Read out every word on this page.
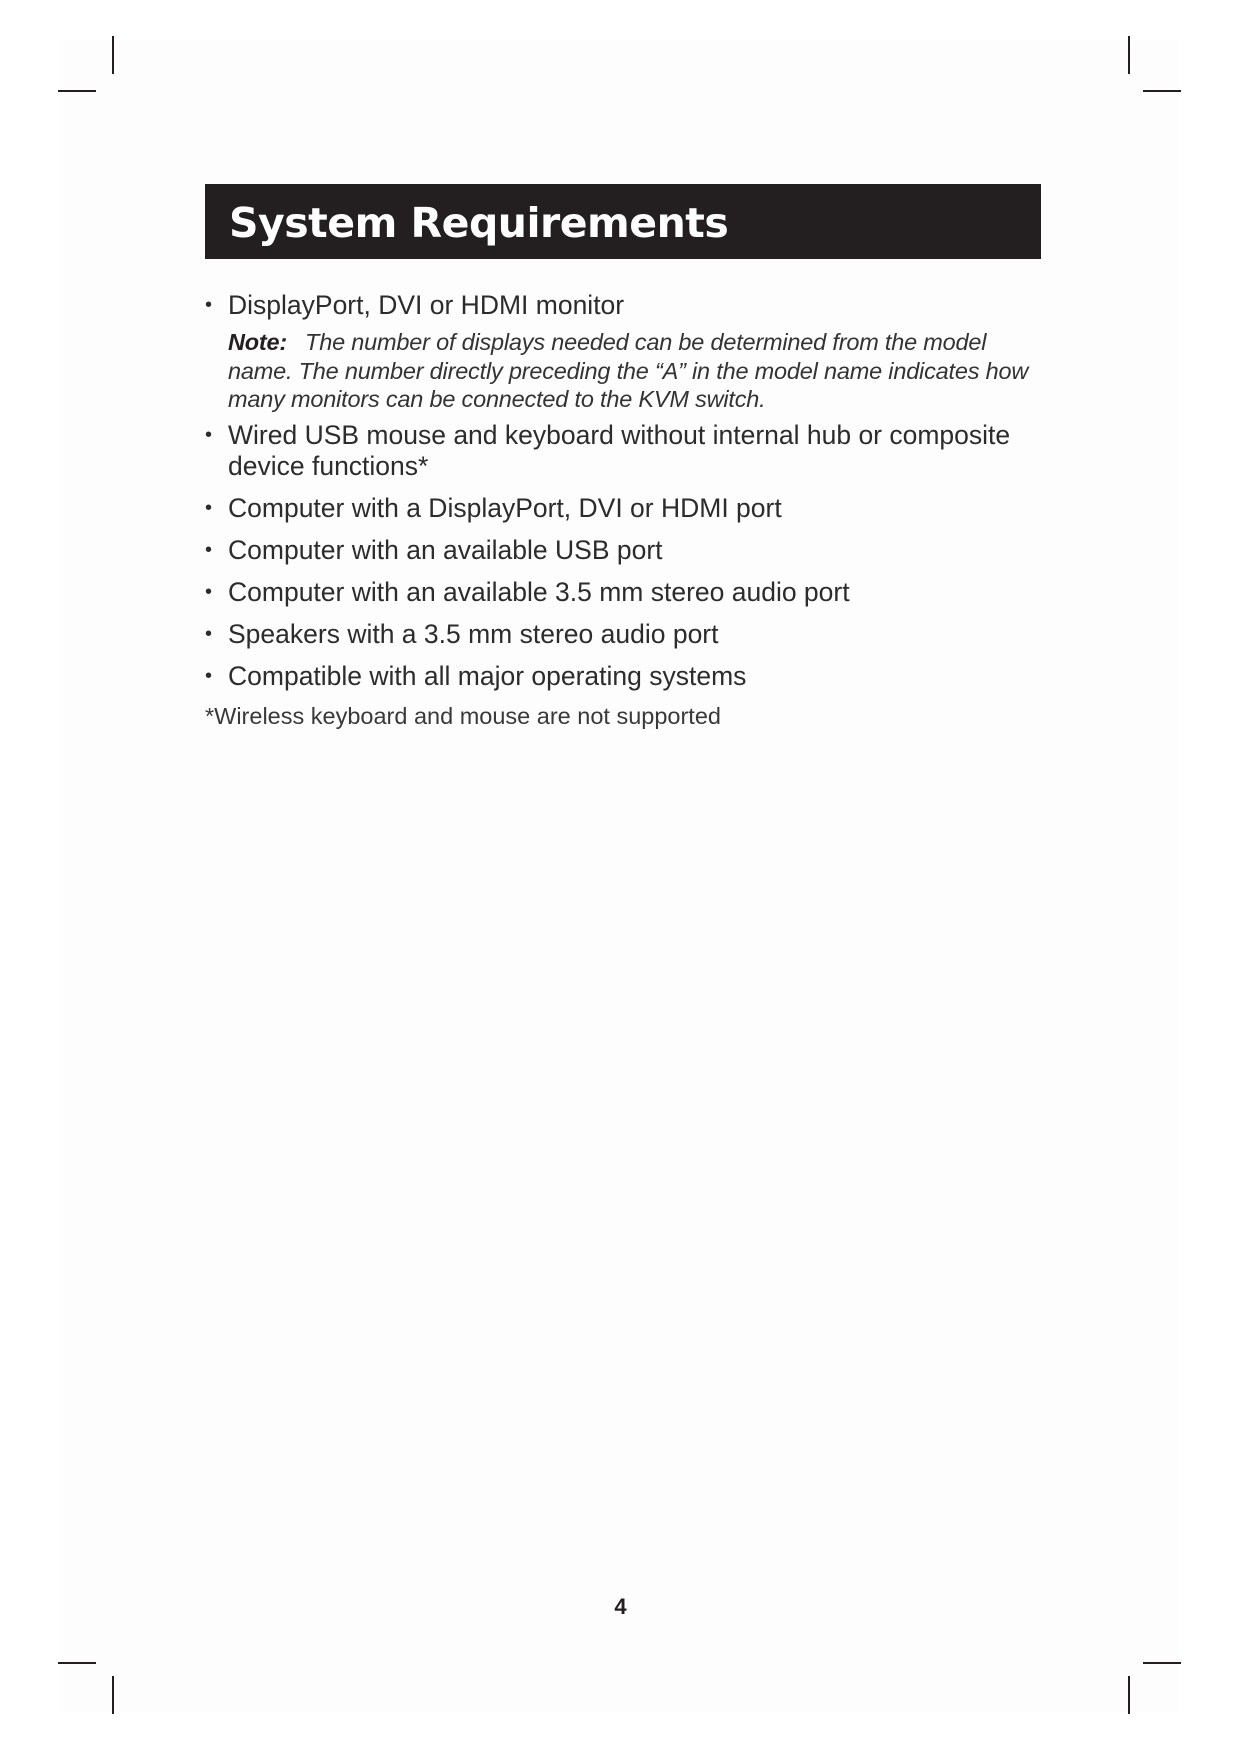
System Requirements
• DisplayPort, DVI or HDMI monitor
Note: The number of displays needed can be determined from the model name. The number directly preceding the “A” in the model name indicates how many monitors can be connected to the KVM switch.
• Wired USB mouse and keyboard without internal hub or composite device functions*
• Computer with a DisplayPort, DVI or HDMI port
• Computer with an available USB port
• Computer with an available 3.5 mm stereo audio port
• Speakers with a 3.5 mm stereo audio port
• Compatible with all major operating systems
*Wireless keyboard and mouse are not supported
4
